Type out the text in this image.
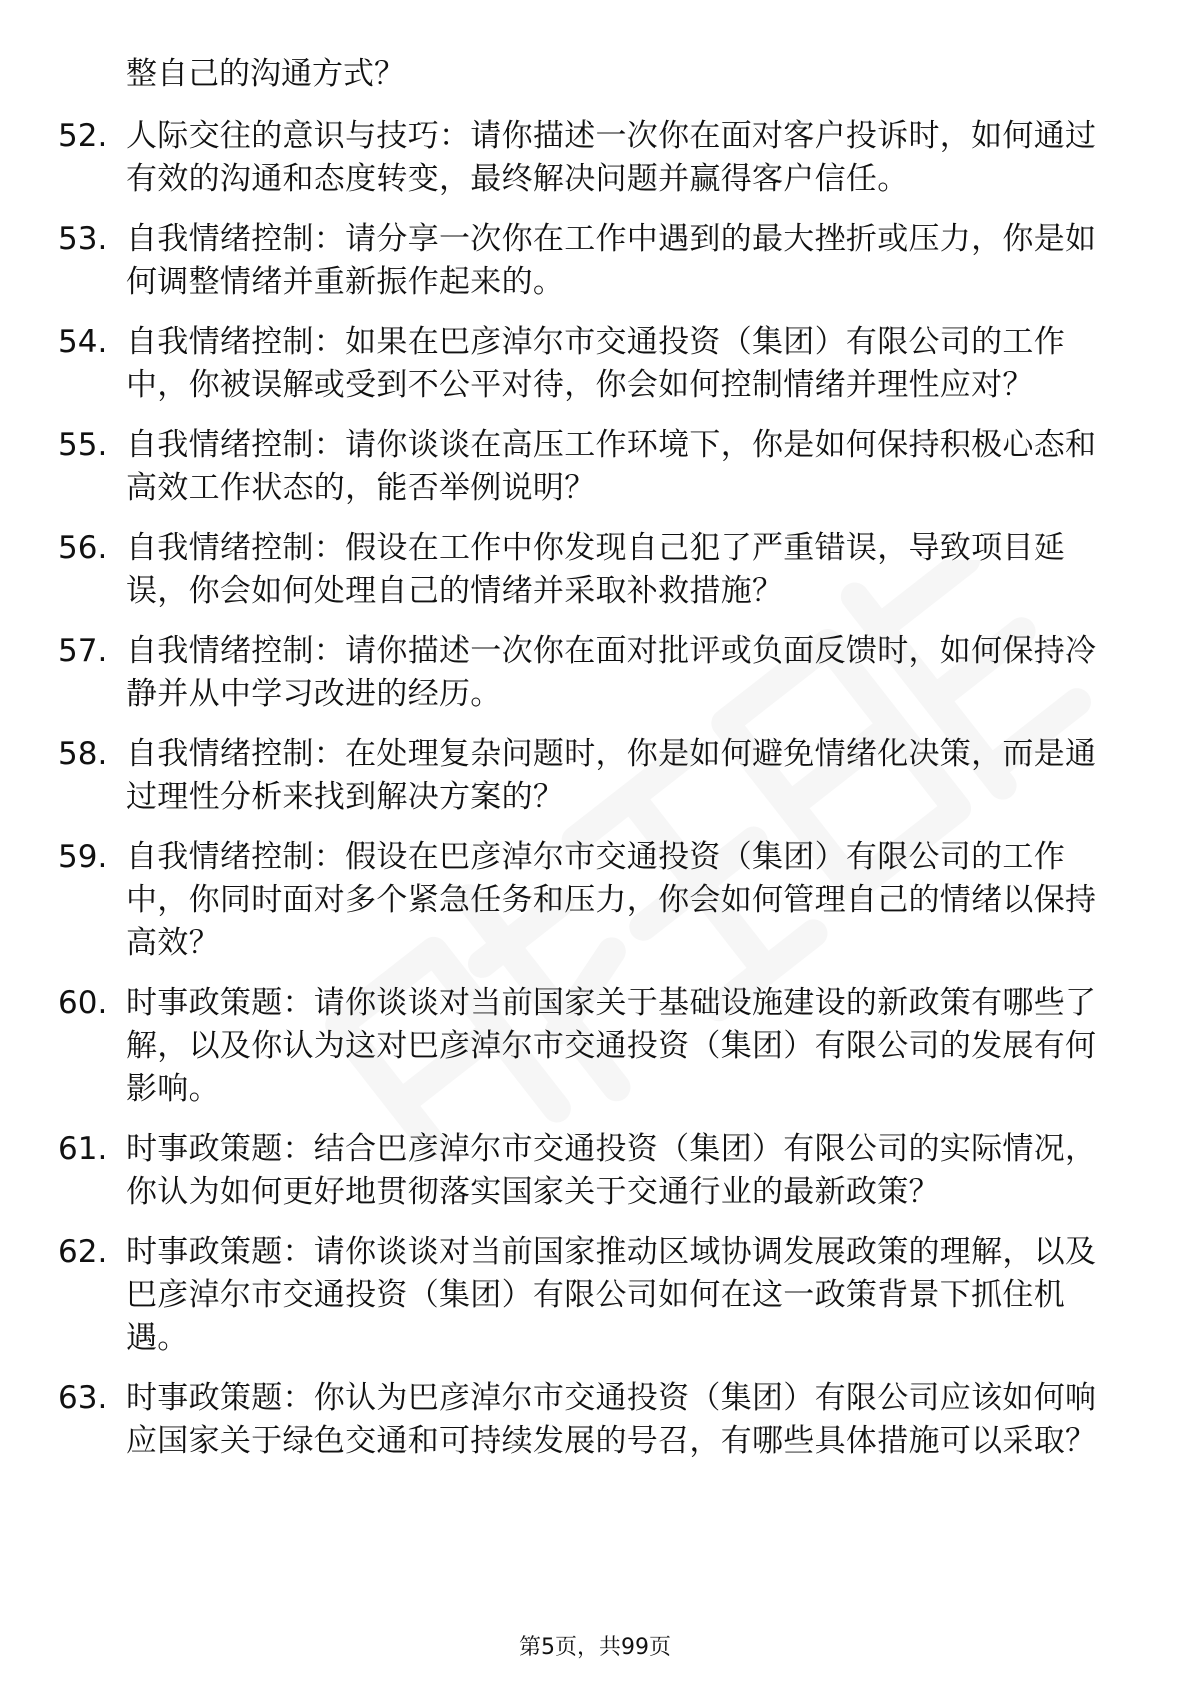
整自己的沟通方式？
52. 人际交往的意识与技巧：请你描述一次你在面对客户投诉时，如何通过有效的沟通和态度转变，最终解决问题并赢得客户信任。
53. 自我情绪控制：请分享一次你在工作中遇到的最大挫折或压力，你是如何调整情绪并重新振作起来的。
54. 自我情绪控制：如果在巴彦淖尔市交通投资（集团）有限公司的工作中，你被误解或受到不公平对待，你会如何控制情绪并理性应对？
55. 自我情绪控制：请你谈谈在高压工作环境下，你是如何保持积极心态和高效工作状态的，能否举例说明？
56. 自我情绪控制：假设在工作中你发现自己犯了严重错误，导致项目延误，你会如何处理自己的情绪并采取补救措施？
57. 自我情绪控制：请你描述一次你在面对批评或负面反馈时，如何保持冷静并从中学习改进的经历。
58. 自我情绪控制：在处理复杂问题时，你是如何避免情绪化决策，而是通过理性分析来找到解决方案的？
59. 自我情绪控制：假设在巴彦淖尔市交通投资（集团）有限公司的工作中，你同时面对多个紧急任务和压力，你会如何管理自己的情绪以保持高效？
60. 时事政策题：请你谈谈对当前国家关于基础设施建设的新政策有哪些了解，以及你认为这对巴彦淖尔市交通投资（集团）有限公司的发展有何影响。
61. 时事政策题：结合巴彦淖尔市交通投资（集团）有限公司的实际情况，你认为如何更好地贯彻落实国家关于交通行业的最新政策？
62. 时事政策题：请你谈谈对当前国家推动区域协调发展政策的理解，以及巴彦淖尔市交通投资（集团）有限公司如何在这一政策背景下抓住机遇。
63. 时事政策题：你认为巴彦淖尔市交通投资（集团）有限公司应该如何响应国家关于绿色交通和可持续发展的号召，有哪些具体措施可以采取？
第5页，共99页
